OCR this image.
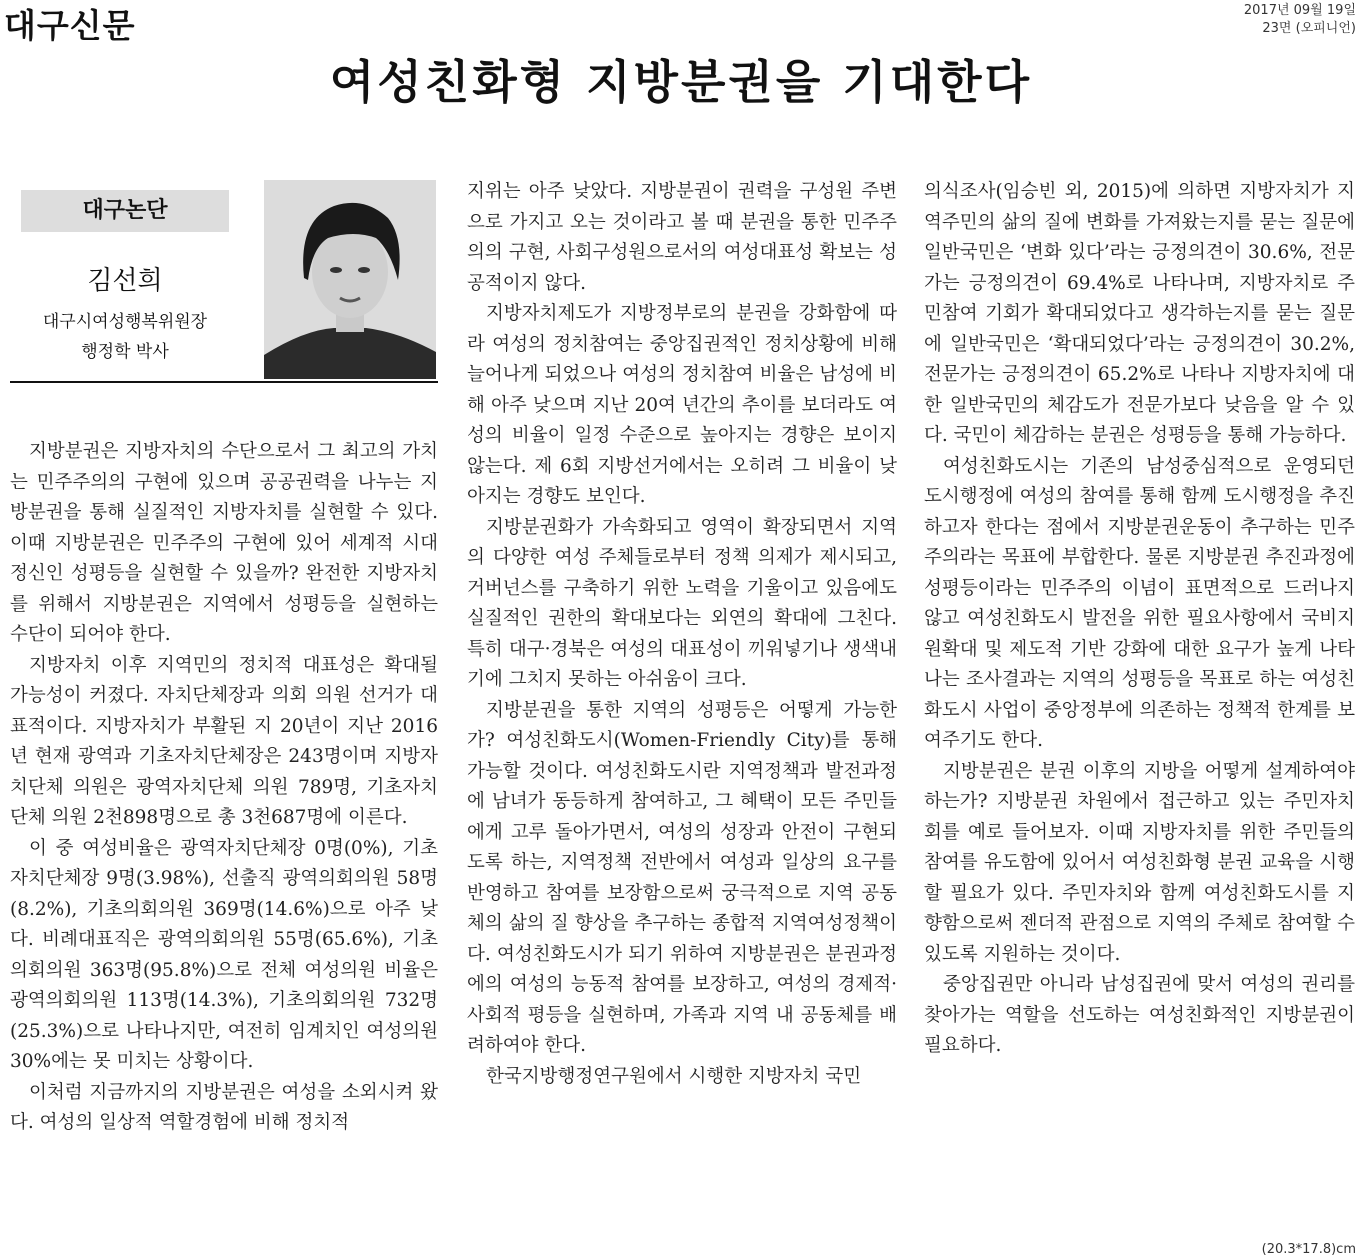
대구신문	2017년 09월 19일
23면 (오피니언)
여성친화형 지방분권을 기대한다
대구논단
김선희
대구시여성행복위원장
행정학 박사

지방분권은 지방자치의 수단으로서 그 최고의 가치는 민주주의의 구현에 있으며 공공권력을 나누는 지방분권을 통해 실질적인 지방자치를 실현할 수 있다. 이때 지방분권은 민주주의 구현에 있어 세계적 시대정신인 성평등을 실현할 수 있을까? 완전한 지방자치를 위해서 지방분권은 지역에서 성평등을 실현하는 수단이 되어야 한다.

지방자치 이후 지역민의 정치적 대표성은 확대될 가능성이 커졌다. 자치단체장과 의회 의원 선거가 대표적이다. 지방자치가 부활된 지 20년이 지난 2016년 현재 광역과 기초자치단체장은 243명이며 지방자치단체 의원은 광역자치단체 의원 789명, 기초자치단체 의원 2천898명으로 총 3천687명에 이른다.

이 중 여성비율은 광역자치단체장 0명(0%), 기초자치단체장 9명(3.98%), 선출직 광역의회의원 58명(8.2%), 기초의회의원 369명(14.6%)으로 아주 낮다. 비례대표직은 광역의회의원 55명(65.6%), 기초의회의원 363명(95.8%)으로 전체 여성의원 비율은 광역의회의원 113명(14.3%), 기초의회의원 732명(25.3%)으로 나타나지만, 여전히 임계치인 여성의원 30%에는 못 미치는 상황이다.

이처럼 지금까지의 지방분권은 여성을 소외시켜 왔다. 여성의 일상적 역할경험에 비해 정치적

지위는 아주 낮았다. 지방분권이 권력을 구성원 주변으로 가지고 오는 것이라고 볼 때 분권을 통한 민주주의의 구현, 사회구성원으로서의 여성대표성 확보는 성공적이지 않다.

지방자치제도가 지방정부로의 분권을 강화함에 따라 여성의 정치참여는 중앙집권적인 정치상황에 비해 늘어나게 되었으나 여성의 정치참여 비율은 남성에 비해 아주 낮으며 지난 20여 년간의 추이를 보더라도 여성의 비율이 일정 수준으로 높아지는 경향은 보이지 않는다. 제 6회 지방선거에서는 오히려 그 비율이 낮아지는 경향도 보인다.

지방분권화가 가속화되고 영역이 확장되면서 지역의 다양한 여성 주체들로부터 정책 의제가 제시되고, 거버넌스를 구축하기 위한 노력을 기울이고 있음에도 실질적인 권한의 확대보다는 외연의 확대에 그친다. 특히 대구·경북은 여성의 대표성이 끼워넣기나 생색내기에 그치지 못하는 아쉬움이 크다.

지방분권을 통한 지역의 성평등은 어떻게 가능한가? 여성친화도시(Women-Friendly City)를 통해 가능할 것이다. 여성친화도시란 지역정책과 발전과정에 남녀가 동등하게 참여하고, 그 혜택이 모든 주민들에게 고루 돌아가면서, 여성의 성장과 안전이 구현되도록 하는, 지역정책 전반에서 여성과 일상의 요구를 반영하고 참여를 보장함으로써 궁극적으로 지역 공동체의 삶의 질 향상을 추구하는 종합적 지역여성정책이다. 여성친화도시가 되기 위하여 지방분권은 분권과정에의 여성의 능동적 참여를 보장하고, 여성의 경제적·사회적 평등을 실현하며, 가족과 지역 내 공동체를 배려하여야 한다.

한국지방행정연구원에서 시행한 지방자치 국민

의식조사(임승빈 외, 2015)에 의하면 지방자치가 지역주민의 삶의 질에 변화를 가져왔는지를 묻는 질문에 일반국민은 ‘변화 있다’라는 긍정의견이 30.6%, 전문가는 긍정의견이 69.4%로 나타나며, 지방자치로 주민참여 기회가 확대되었다고 생각하는지를 묻는 질문에 일반국민은 ‘확대되었다’라는 긍정의견이 30.2%, 전문가는 긍정의견이 65.2%로 나타나 지방자치에 대한 일반국민의 체감도가 전문가보다 낮음을 알 수 있다. 국민이 체감하는 분권은 성평등을 통해 가능하다.

여성친화도시는 기존의 남성중심적으로 운영되던 도시행정에 여성의 참여를 통해 함께 도시행정을 추진하고자 한다는 점에서 지방분권운동이 추구하는 민주주의라는 목표에 부합한다. 물론 지방분권 추진과정에 성평등이라는 민주주의 이념이 표면적으로 드러나지 않고 여성친화도시 발전을 위한 필요사항에서 국비지원확대 및 제도적 기반 강화에 대한 요구가 높게 나타나는 조사결과는 지역의 성평등을 목표로 하는 여성친화도시 사업이 중앙정부에 의존하는 정책적 한계를 보여주기도 한다.

지방분권은 분권 이후의 지방을 어떻게 설계하여야 하는가? 지방분권 차원에서 접근하고 있는 주민자치회를 예로 들어보자. 이때 지방자치를 위한 주민들의 참여를 유도함에 있어서 여성친화형 분권 교육을 시행할 필요가 있다. 주민자치와 함께 여성친화도시를 지향함으로써 젠더적 관점으로 지역의 주체로 참여할 수 있도록 지원하는 것이다.

중앙집권만 아니라 남성집권에 맞서 여성의 권리를 찾아가는 역할을 선도하는 여성친화적인 지방분권이 필요하다.

(20.3*17.8)cm
